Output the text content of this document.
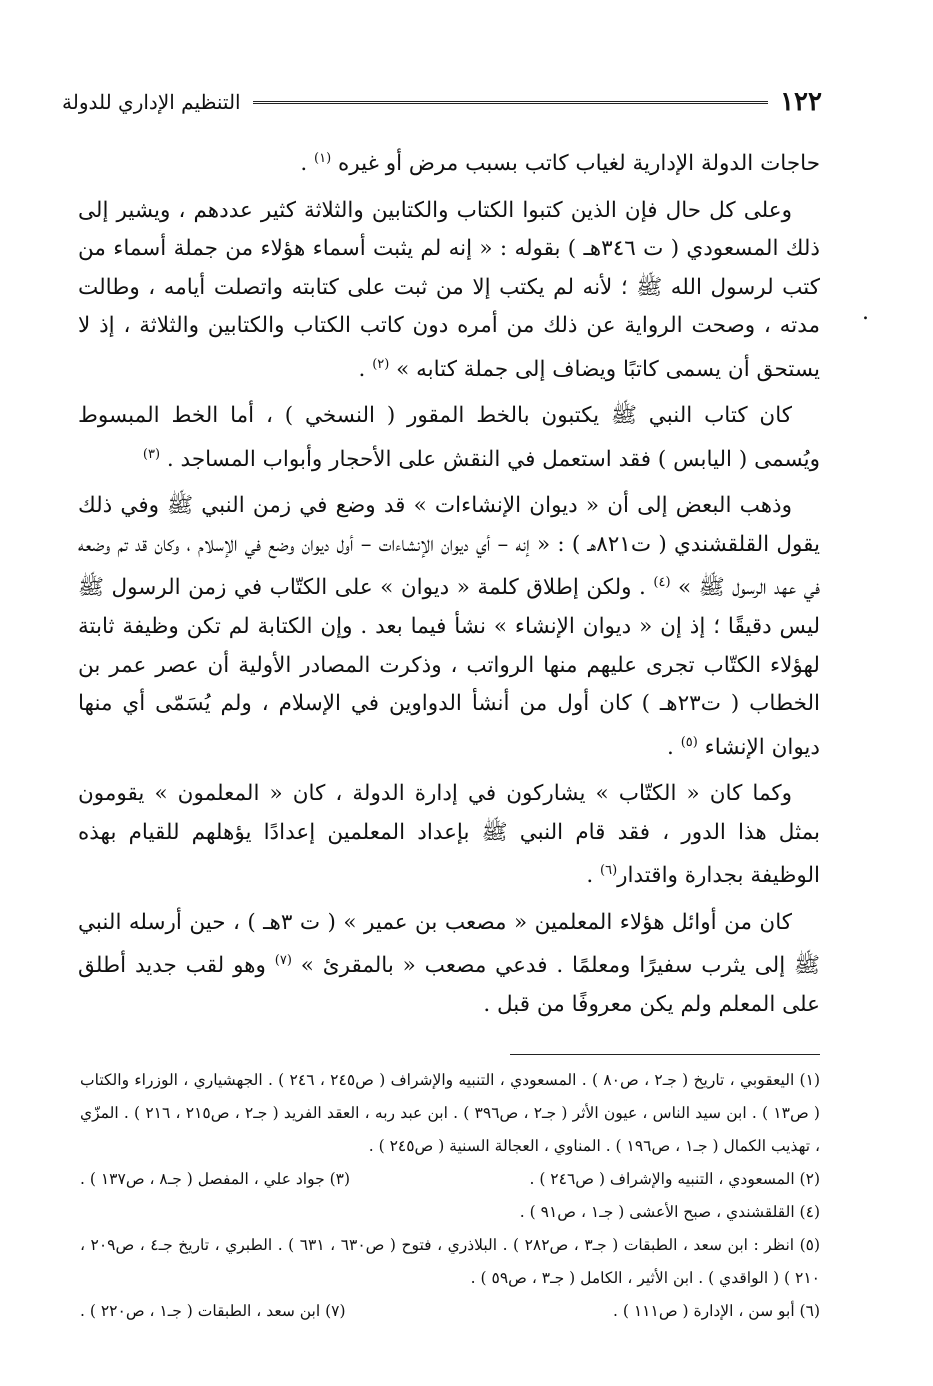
١٢٢
التنظيم الإداري للدولة
.

حاجات الدولة الإدارية لغياب كاتب بسبب مرض أو غيره $^{(١)}$ .

وعلى كل حال فإن الذين كتبوا الكتاب والكتابين والثلاثة كثير عددهم ، ويشير إلى ذلك المسعودي ( ت ٣٤٦هـ ) بقوله : « إنه لم يثبت أسماء هؤلاء من جملة أسماء من كتب لرسول الله ﷺ ؛ لأنه لم يكتب إلا من ثبت على كتابته واتصلت أيامه ، وطالت مدته ، وصحت الرواية عن ذلك من أمره دون كاتب الكتاب والكتابين والثلاثة ، إذ لا يستحق أن يسمى كاتبًا ويضاف إلى جملة كتابه » $^{(٢)}$ .

كان كتاب النبي ﷺ يكتبون بالخط المقور ( النسخي ) ، أما الخط المبسوط ويُسمى ( اليابس ) فقد استعمل في النقش على الأحجار وأبواب المساجد . $^{(٣)}$

وذهب البعض إلى أن « ديوان الإنشاءات » قد وضع في زمن النبي ﷺ وفي ذلك يقول القلقشندي ( ت٨٢١هـ ) : « إنه – أي ديوان الإنشاءات – أول ديوان وضع في الإسلام ، وكان قد تم وضعه في عهد الرسول ﷺ » $^{(٤)}$ . ولكن إطلاق كلمة « ديوان » على الكتّاب في زمن الرسول ﷺ ليس دقيقًا ؛ إذ إن « ديوان الإنشاء » نشأ فيما بعد . وإن الكتابة لم تكن وظيفة ثابتة لهؤلاء الكتّاب تجرى عليهم منها الرواتب ، وذكرت المصادر الأولية أن عصر عمر بن الخطاب ( ت٢٣هـ ) كان أول من أنشأ الدواوين في الإسلام ، ولم يُسَمّى أي منها ديوان الإنشاء $^{(٥)}$ .

وكما كان « الكتّاب » يشاركون في إدارة الدولة ، كان « المعلمون » يقومون بمثل هذا الدور ، فقد قام النبي ﷺ بإعداد المعلمين إعدادًا يؤهلهم للقيام بهذه الوظيفة بجدارة واقتدار$^{(٦)}$ .

كان من أوائل هؤلاء المعلمين « مصعب بن عمير » ( ت ٣هـ ) ، حين أرسله النبي ﷺ إلى يثرب سفيرًا ومعلمًا . فدعي مصعب « بالمقرئ » $^{(٧)}$ وهو لقب جديد أطلق على المعلم ولم يكن معروفًا من قبل .

(١) اليعقوبي ، تاريخ ( جـ٢ ، ص٨٠ ) . المسعودي ، التنبيه والإشراف ( ص٢٤٥ ، ٢٤٦ ) . الجهشياري ، الوزراء والكتاب ( ص١٣ ) . ابن سيد الناس ، عيون الأثر ( جـ٢ ، ص٣٩٦ ) . ابن عبد ربه ، العقد الفريد ( جـ٢ ، ص٢١٥ ، ٢١٦ ) . المزّي ، تهذيب الكمال ( جـ١ ، ص١٩٦ ) . المناوي ، العجالة السنية ( ص٢٤٥ ) .

(٢) المسعودي ، التنبيه والإشراف ( ص٢٤٦ ) .
(٣) جواد علي ، المفصل ( جـ٨ ، ص١٣٧ ) .

(٤) القلقشندي ، صبح الأعشى ( جـ١ ، ص٩١ ) .

(٥) انظر : ابن سعد ، الطبقات ( جـ٣ ، ص٢٨٢ ) . البلاذري ، فتوح ( ص٦٣٠ ، ٦٣١ ) . الطبري ، تاريخ جـ٤ ، ص٢٠٩ ، ٢١٠ ) ( الواقدي ) . ابن الأثير ، الكامل ( جـ٣ ، ص٥٩ ) .

(٦) أبو سن ، الإدارة ( ص١١١ ) .
(٧) ابن سعد ، الطبقات ( جـ١ ، ص٢٢٠ ) .
